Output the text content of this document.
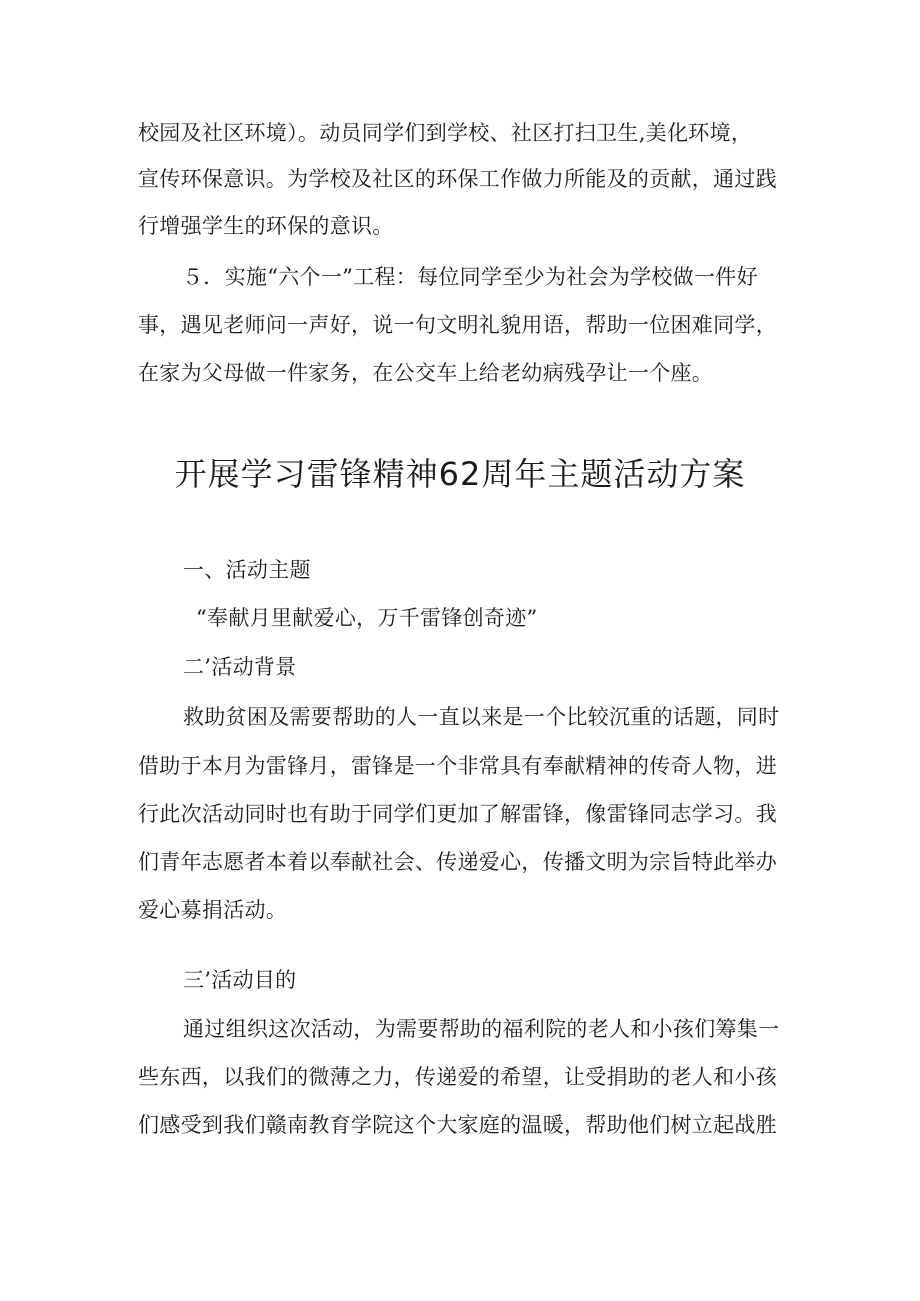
校园及社区环境）。动员同学们到学校、社区打扫卫生,美化环境，
宣传环保意识。为学校及社区的环保工作做力所能及的贡献，通过践
行增强学生的环保的意识。
５．实施“六个一”工程：每位同学至少为社会为学校做一件好
事，遇见老师问一声好，说一句文明礼貌用语，帮助一位困难同学，
在家为父母做一件家务，在公交车上给老幼病残孕让一个座。
开展学习雷锋精神62周年主题活动方案
一、活动主题
“奉献月里献爱心，万千雷锋创奇迹”
二’活动背景
救助贫困及需要帮助的人一直以来是一个比较沉重的话题，同时
借助于本月为雷锋月，雷锋是一个非常具有奉献精神的传奇人物，进
行此次活动同时也有助于同学们更加了解雷锋，像雷锋同志学习。我
们青年志愿者本着以奉献社会、传递爱心，传播文明为宗旨特此举办
爱心募捐活动。
三’活动目的
通过组织这次活动，为需要帮助的福利院的老人和小孩们筹集一
些东西，以我们的微薄之力，传递爱的希望，让受捐助的老人和小孩
们感受到我们赣南教育学院这个大家庭的温暖，帮助他们树立起战胜
